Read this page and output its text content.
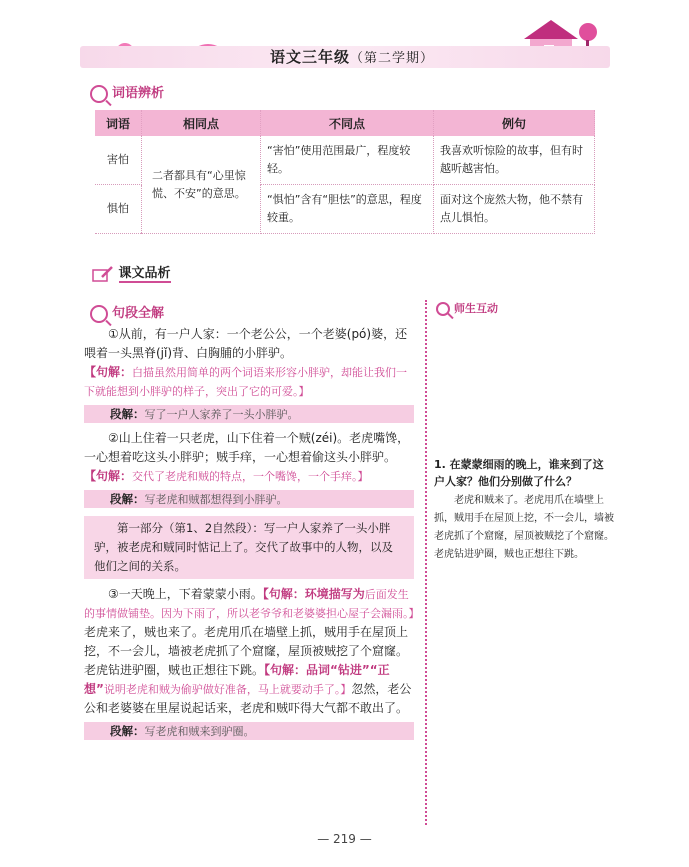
语文三年级（第二学期）
词语辨析
词语	相同点	不同点	例句
害怕	二者都具有“心里惊慌、不安”的意思。	“害怕”使用范围最广，程度较轻。	我喜欢听惊险的故事，但有时越听越害怕。
惧怕		“惧怕”含有“胆怯”的意思，程度较重。	面对这个庞然大物，他不禁有点儿惧怕。
课文品析
句段全解	师生互动
1. 在蒙蒙细雨的晚上，谁来到了这户人家？他们分别做了什么？
老虎和贼来了。老虎用爪在墙壁上抓，贼用手在屋顶上挖，不一会儿，墙被老虎抓了个窟窿，屋顶被贼挖了个窟窿。老虎钻进驴圈，贼也正想往下跳。
①从前，有一户人家：一个老公公，一个老婆(pó)婆，还喂着一头黑脊(jǐ)背、白胸脯的小胖驴。
【句解：白描虽然用简单的两个词语来形容小胖驴，却能让我们一下就能想到小胖驴的样子，突出了它的可爱。】
段解：写了一户人家养了一头小胖驴。
②山上住着一只老虎，山下住着一个贼(zéi)。老虎嘴馋，一心想着吃这头小胖驴；贼手痒，一心想着偷这头小胖驴。
【句解：交代了老虎和贼的特点，一个嘴馋，一个手痒。】
段解：写老虎和贼都想得到小胖驴。
第一部分（第1、2自然段）：写一户人家养了一头小胖驴，被老虎和贼同时惦记上了。交代了故事中的人物，以及他们之间的关系。
③一天晚上，下着蒙蒙小雨。【句解：环境描写为后面发生的事情做铺垫。因为下雨了，所以老爷爷和老婆婆担心屋子会漏雨。】老虎来了，贼也来了。老虎用爪在墙壁上抓，贼用手在屋顶上挖，不一会儿，墙被老虎抓了个窟窿，屋顶被贼挖了个窟窿。老虎钻进驴圈，贼也正想往下跳。【句解：品词“钻进”“正想”说明老虎和贼为偷驴做好准备，马上就要动手了。】忽然，老公公和老婆婆在里屋说起话来，老虎和贼吓得大气都不敢出了。
段解：写老虎和贼来到驴圈。
— 219 —
